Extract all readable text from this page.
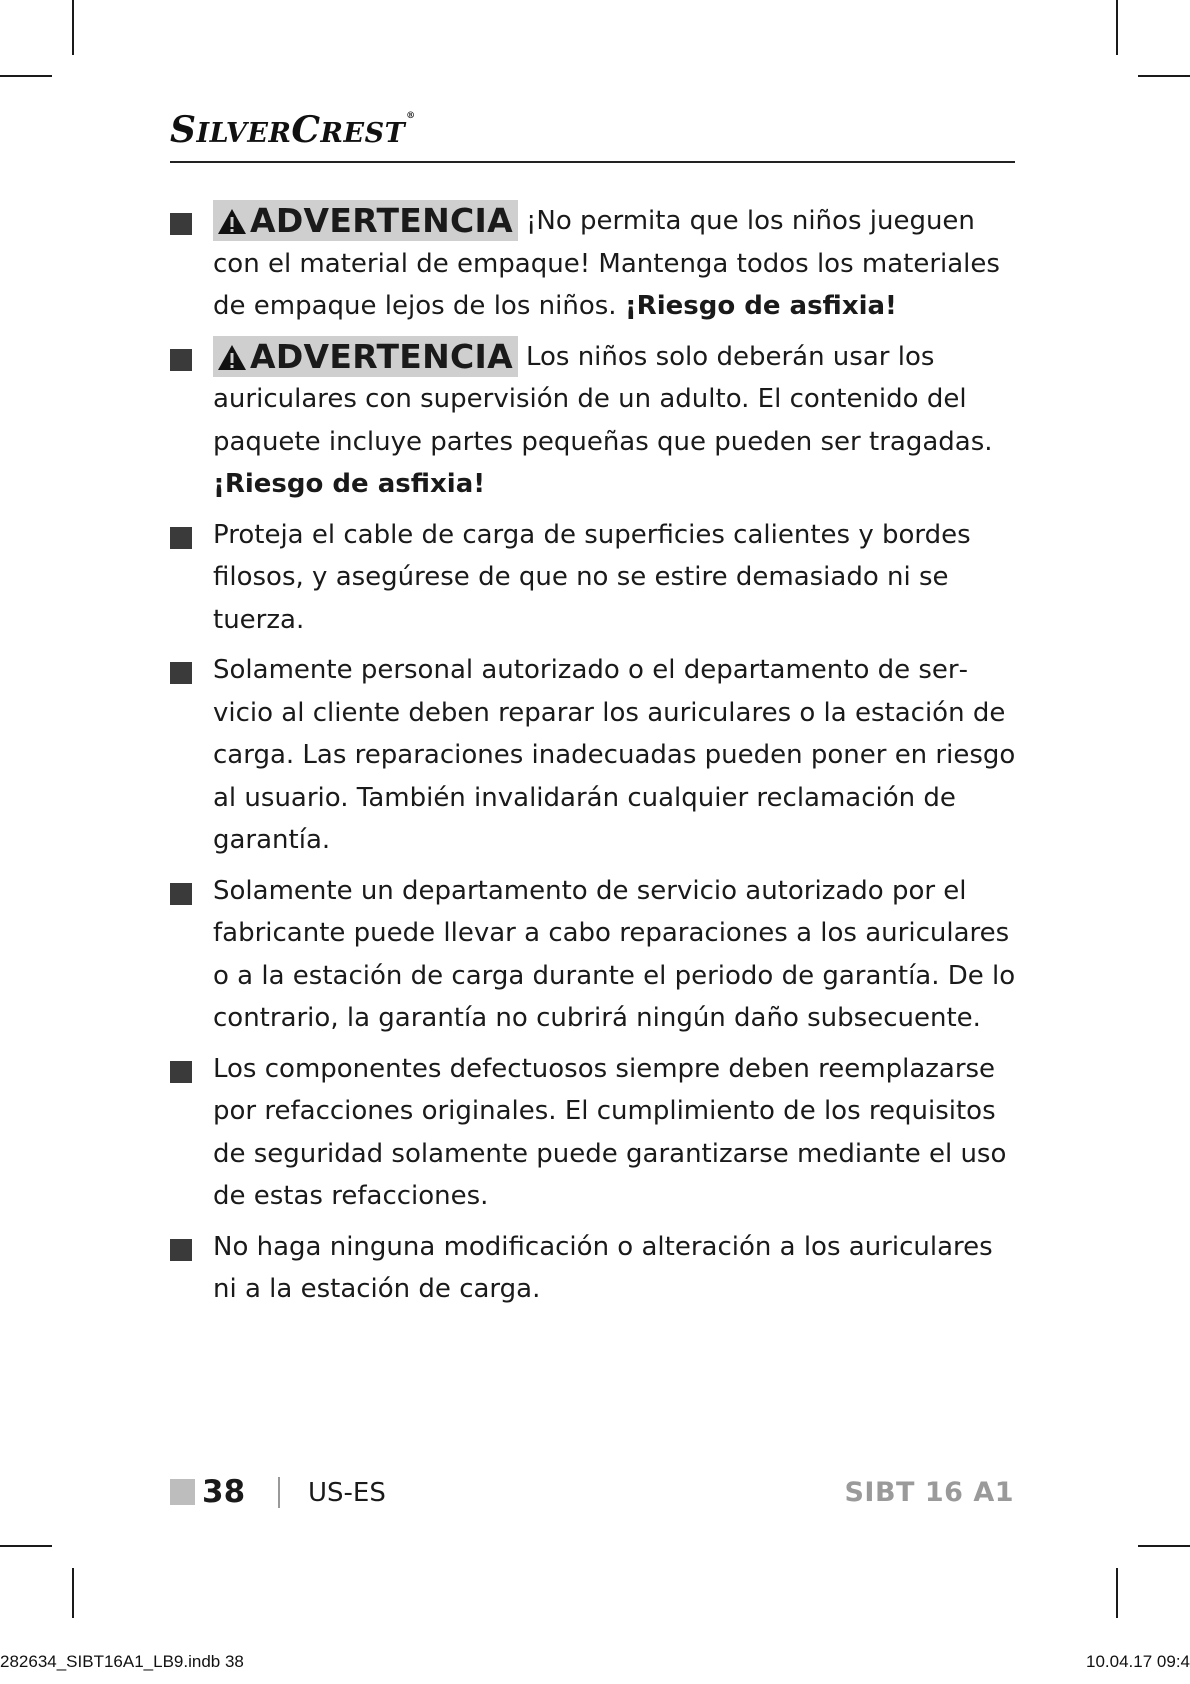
SILVERCREST®
ADVERTENCIA ¡No permita que los niños jueguen con el material de empaque! Mantenga todos los materiales de empaque lejos de los niños. ¡Riesgo de asfixia!
ADVERTENCIA Los niños solo deberán usar los auriculares con supervisión de un adulto. El contenido del paquete incluye partes pequeñas que pueden ser tragadas. ¡Riesgo de asfixia!
Proteja el cable de carga de superficies calientes y bordes filosos, y asegúrese de que no se estire demasiado ni se tuerza.
Solamente personal autorizado o el departamento de servicio al cliente deben reparar los auriculares o la estación de carga. Las reparaciones inadecuadas pueden poner en riesgo al usuario. También invalidarán cualquier reclamación de garantía.
Solamente un departamento de servicio autorizado por el fabricante puede llevar a cabo reparaciones a los auriculares o a la estación de carga durante el periodo de garantía. De lo contrario, la garantía no cubrirá ningún daño subsecuente.
Los componentes defectuosos siempre deben reemplazarse por refacciones originales. El cumplimiento de los requisitos de seguridad solamente puede garantizarse mediante el uso de estas refacciones.
No haga ninguna modificación o alteración a los auriculares ni a la estación de carga.
38 US-ES	SIBT 16 A1
282634_SIBT16A1_LB9.indb 38	10.04.17 09:4
